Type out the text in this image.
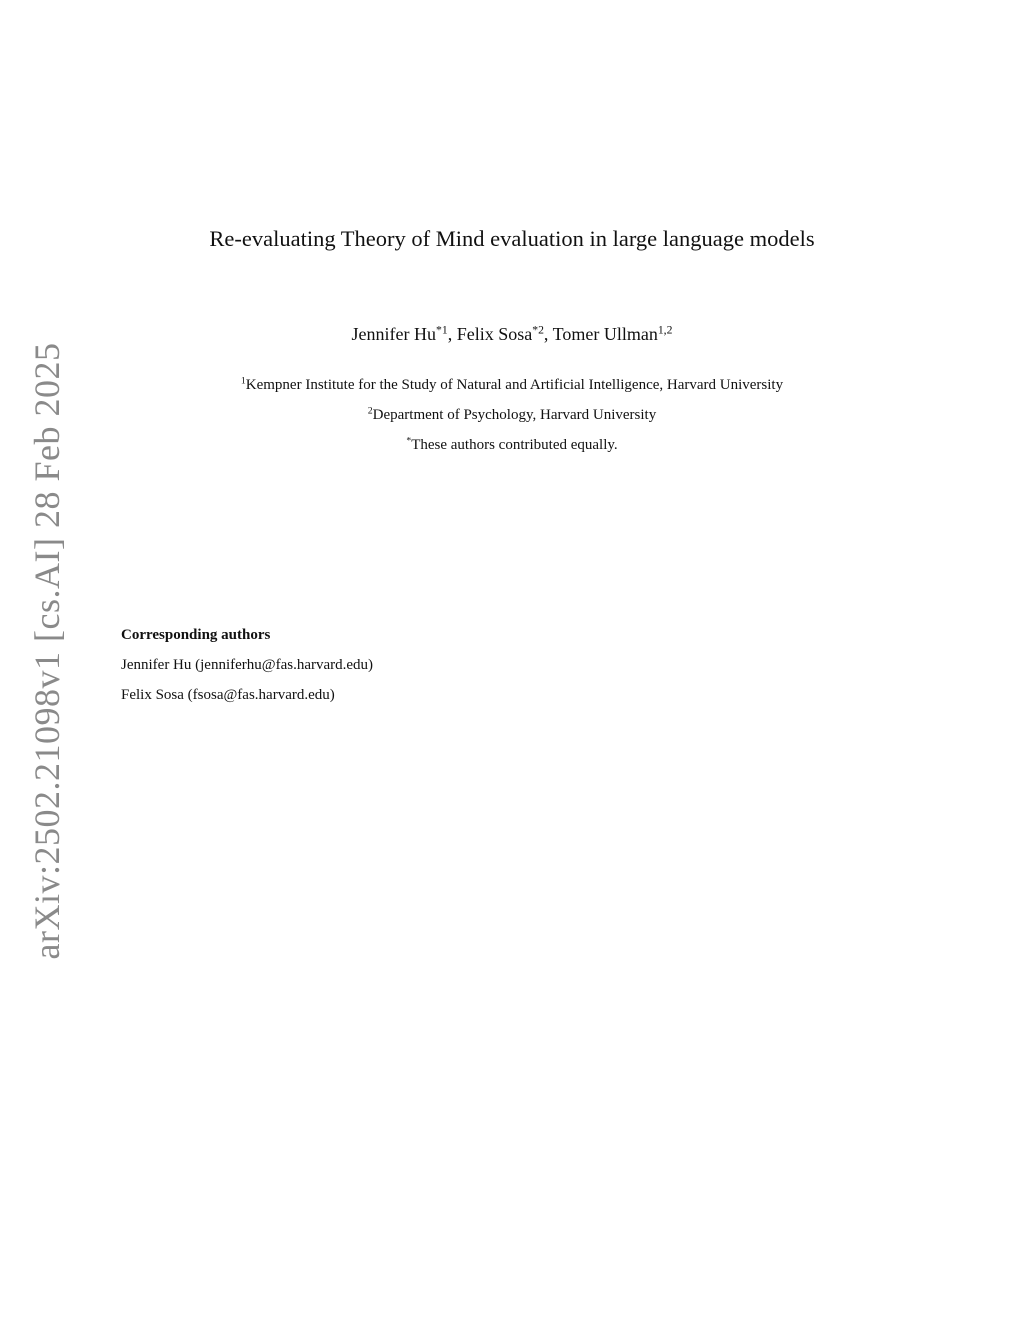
arXiv:2502.21098v1 [cs.AI] 28 Feb 2025
Re-evaluating Theory of Mind evaluation in large language models
Jennifer Hu$^{*1}$, Felix Sosa$^{*2}$, Tomer Ullman$^{1,2}$
$^1$Kempner Institute for the Study of Natural and Artificial Intelligence, Harvard University
$^2$Department of Psychology, Harvard University
*These authors contributed equally.
Corresponding authors
Jennifer Hu (jenniferhu@fas.harvard.edu)
Felix Sosa (fsosa@fas.harvard.edu)
